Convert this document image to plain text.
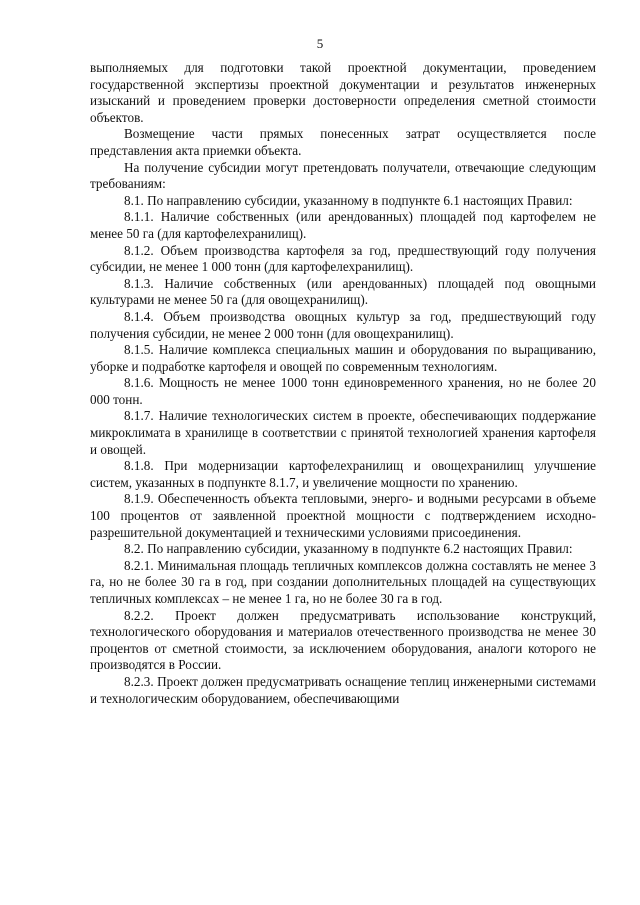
5

выполняемых для подготовки такой проектной документации, проведением государственной экспертизы проектной документации и результатов инженерных изысканий и проведением проверки достоверности определения сметной стоимости объектов.

Возмещение части прямых понесенных затрат осуществляется после представления акта приемки объекта.

На получение субсидии могут претендовать получатели, отвечающие следующим требованиям:

8.1. По направлению субсидии, указанному в подпункте 6.1 настоящих Правил:

8.1.1. Наличие собственных (или арендованных) площадей под картофелем не менее 50 га (для картофелехранилищ).

8.1.2. Объем производства картофеля за год, предшествующий году получения субсидии, не менее 1 000 тонн (для картофелехранилищ).

8.1.3. Наличие собственных (или арендованных) площадей под овощными культурами не менее 50 га (для овощехранилищ).

8.1.4. Объем производства овощных культур за год, предшествующий году получения субсидии, не менее 2 000 тонн (для овощехранилищ).

8.1.5. Наличие комплекса специальных машин и оборудования по выращиванию, уборке и подработке картофеля и овощей по современным технологиям.

8.1.6. Мощность не менее 1000 тонн единовременного хранения, но не более 20 000 тонн.

8.1.7. Наличие технологических систем в проекте, обеспечивающих поддержание микроклимата в хранилище в соответствии с принятой технологией хранения картофеля и овощей.

8.1.8. При модернизации картофелехранилищ и овощехранилищ улучшение систем, указанных в подпункте 8.1.7, и увеличение мощности по хранению.

8.1.9. Обеспеченность объекта тепловыми, энерго- и водными ресурсами в объеме 100 процентов от заявленной проектной мощности с подтверждением исходно-разрешительной документацией и техническими условиями присоединения.

8.2. По направлению субсидии, указанному в подпункте 6.2 настоящих Правил:

8.2.1. Минимальная площадь тепличных комплексов должна составлять не менее 3 га, но не более 30 га в год, при создании дополнительных площадей на существующих тепличных комплексах – не менее 1 га, но не более 30 га в год.

8.2.2. Проект должен предусматривать использование конструкций, технологического оборудования и материалов отечественного производства не менее 30 процентов от сметной стоимости, за исключением оборудования, аналоги которого не производятся в России.

8.2.3. Проект должен предусматривать оснащение теплиц инженерными системами и технологическим оборудованием, обеспечивающими
